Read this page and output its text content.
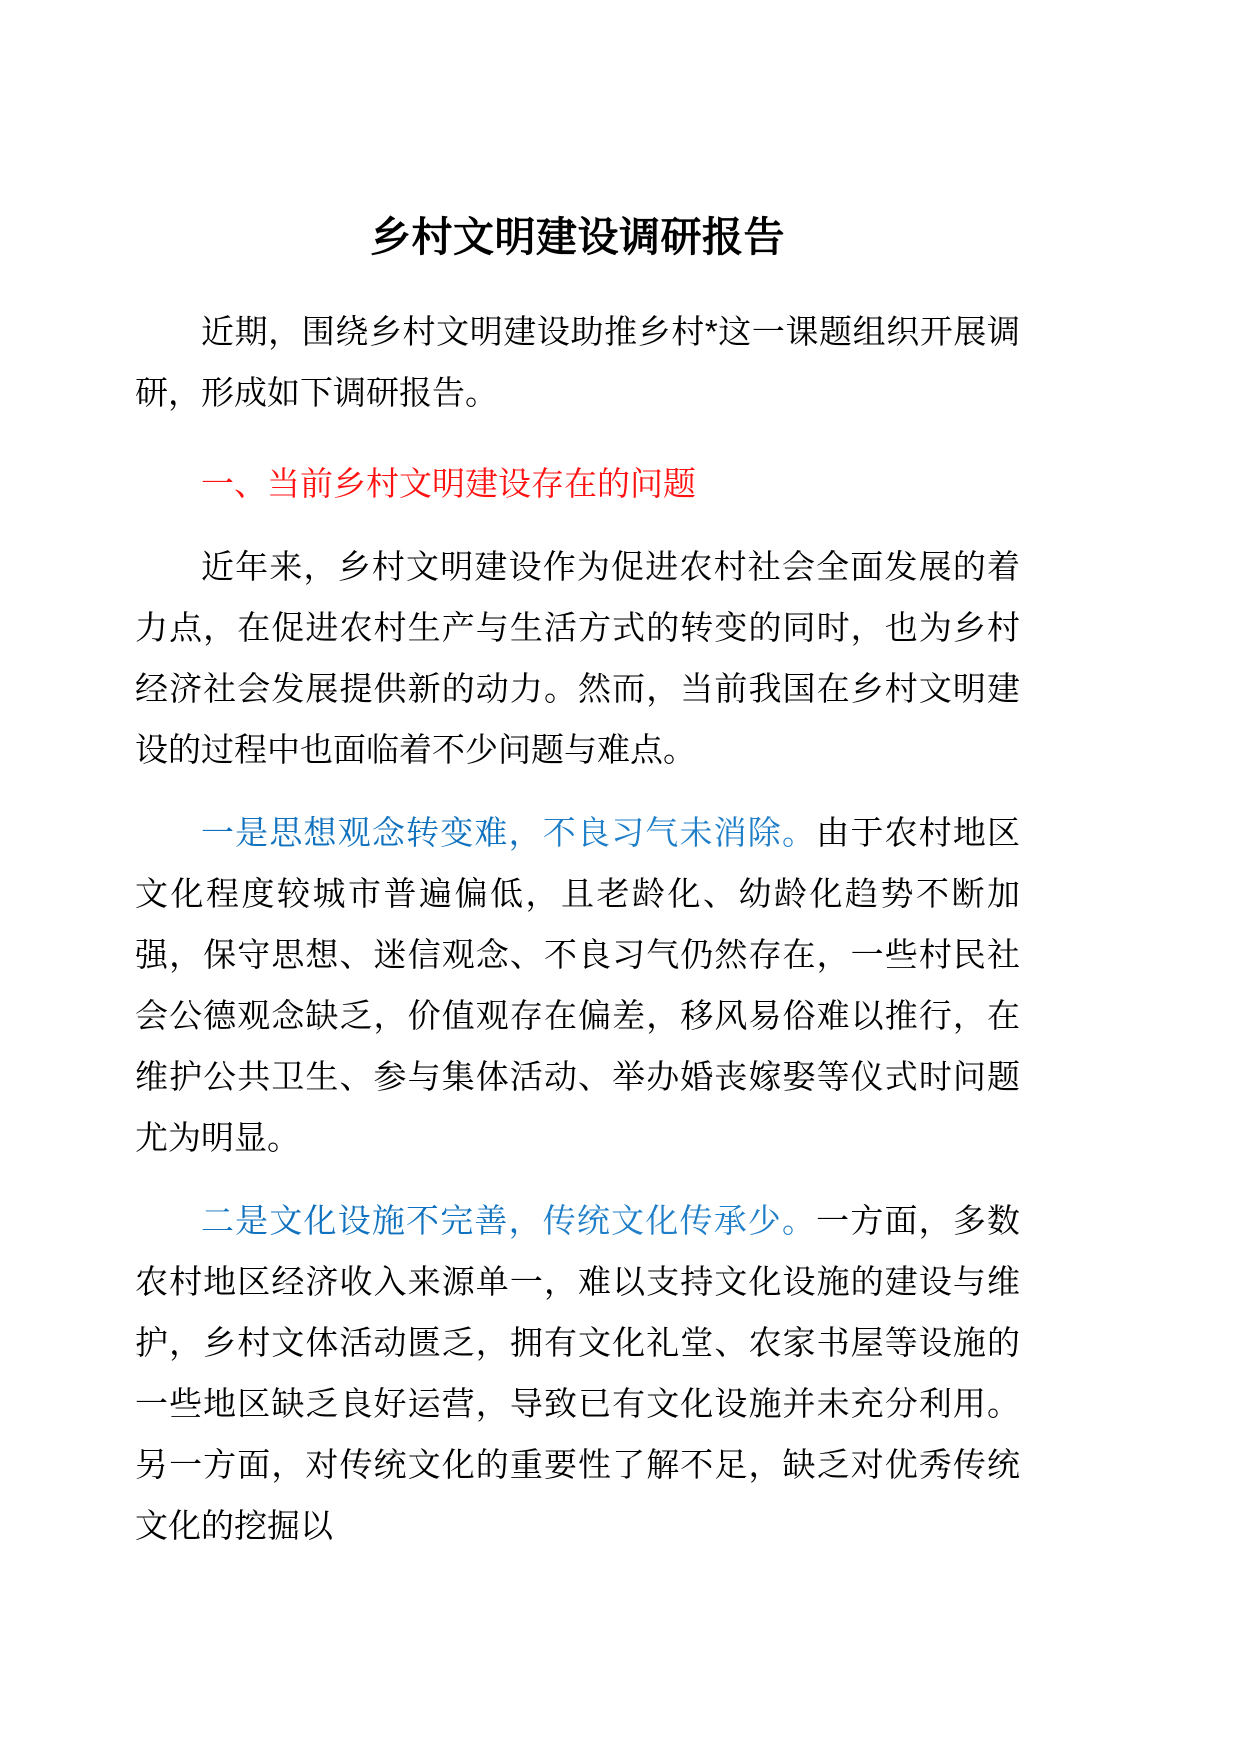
乡村文明建设调研报告

近期，围绕乡村文明建设助推乡村*这一课题组织开展调研，形成如下调研报告。

一、当前乡村文明建设存在的问题

近年来，乡村文明建设作为促进农村社会全面发展的着力点，在促进农村生产与生活方式的转变的同时，也为乡村经济社会发展提供新的动力。然而，当前我国在乡村文明建设的过程中也面临着不少问题与难点。

一是思想观念转变难，不良习气未消除。由于农村地区文化程度较城市普遍偏低，且老龄化、幼龄化趋势不断加强，保守思想、迷信观念、不良习气仍然存在，一些村民社会公德观念缺乏，价值观存在偏差，移风易俗难以推行，在维护公共卫生、参与集体活动、举办婚丧嫁娶等仪式时问题尤为明显。

二是文化设施不完善，传统文化传承少。一方面，多数农村地区经济收入来源单一，难以支持文化设施的建设与维护，乡村文体活动匮乏，拥有文化礼堂、农家书屋等设施的一些地区缺乏良好运营，导致已有文化设施并未充分利用。另一方面，对传统文化的重要性了解不足，缺乏对优秀传统文化的挖掘以
